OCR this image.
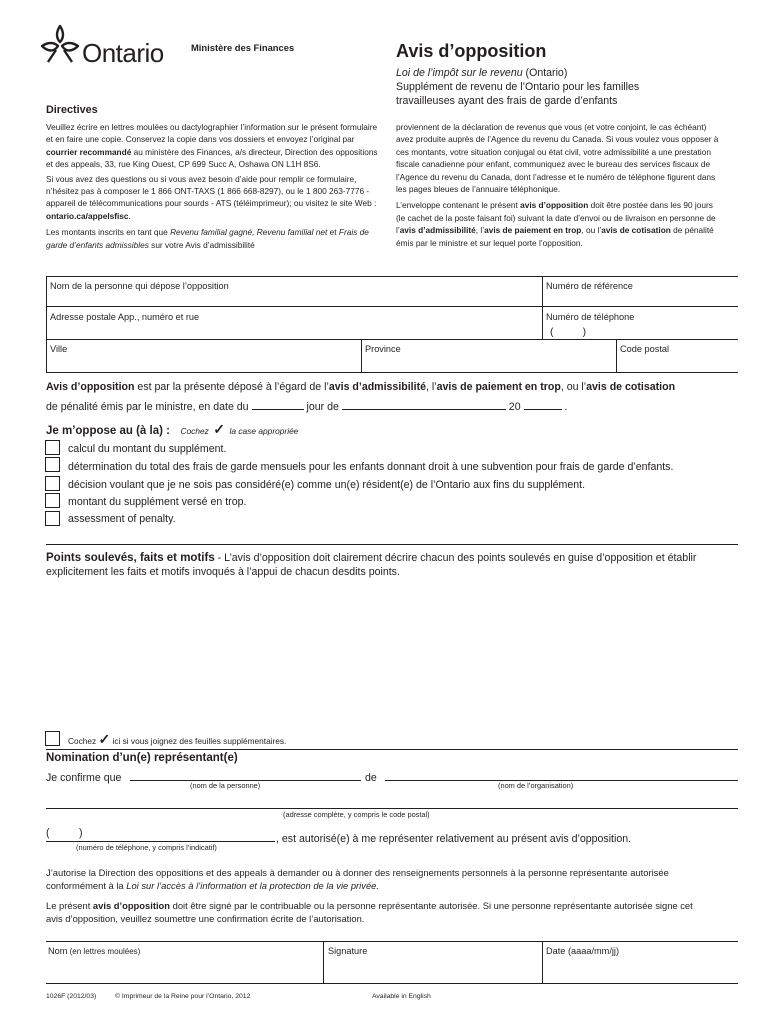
Ontario	Ministère des Finances	Avis d’opposition
Loi de l’impôt sur le revenu (Ontario)
Supplément de revenu de l’Ontario pour les familles
travailleuses ayant des frais de garde d’enfants
Directives

Veuillez écrire en lettres moulées ou dactylographier l’information sur le présent formulaire et en faire une copie. Conservez la copie dans vos dossiers et envoyez l’original par courrier recommandé au ministère des Finances, a/s directeur, Direction des oppositions et des appeals, 33, rue King Ouest, CP 699 Succ A, Oshawa ON L1H 8S6.

Si vous avez des questions ou si vous avez besoin d’aide pour remplir ce formulaire, n’hésitez pas à composer le 1 866 ONT-TAXS (1 866 668-8297), ou le 1 800 263-7776 - appareil de télécommunications pour sourds - ATS (téléimprimeur); ou visitez le site Web : ontario.ca/appelsfisc.

Les montants inscrits en tant que Revenu familial gagné, Revenu familial net et Frais de garde d’enfants admissibles sur votre Avis d’admissibilité

proviennent de la déclaration de revenus que vous (et votre conjoint, le cas échéant) avez produite auprès de l’Agence du revenu du Canada. Si vous voulez vous opposer à ces montants, votre situation conjugal ou état civil, votre admissibilité a une prestation fiscale canadienne pour enfant, communiquez avec le bureau des services fiscaux de l’Agence du revenu du Canada, dont l’adresse et le numéro de téléphone figurent dans les pages bleues de l’annuaire téléphonique.

L’enveloppe contenant le présent avis d’opposition doit être postée dans les 90 jours (le cachet de la poste faisant foi) suivant la date d’envoi ou de livraison en personne de l’avis d’admissibilité, l’avis de paiement en trop, ou l’avis de cotisation de pénalité émis par le ministre et sur lequel porte l’opposition.

Nom de la personne qui dépose l’opposition	Numéro de référence
Adresse postale App., numéro et rue	Numéro de téléphone
(          )
Ville	Province	Code postal
Avis d’opposition est par la présente déposé à l’égard de l’avis d’admissibilité, l’avis de paiement en trop, ou l’avis de cotisation
de pénalité émis par le ministre, en date du	jour de	20	.
Je m’oppose au (à la) : Cochez ✓ la case appropriée
calcul du montant du supplément.
détermination du total des frais de garde mensuels pour les enfants donnant droit à une subvention pour frais de garde d’enfants.
décision voulant que je ne sois pas considéré(e) comme un(e) résident(e) de l’Ontario aux fins du supplément.
montant du supplément versé en trop.
assessment of penalty.
Points soulevés, faits et motifs - L’avis d’opposition doit clairement décrire chacun des points soulevés en guise d’opposition et établir explicitement les faits et motifs invoqués à l’appui de chacun desdits points.
Cochez ✓ ici si vous joignez des feuilles supplémentaires.
Nomination d’un(e) représentant(e)
Je confirme que	de
(nom de la personne)	(nom de l’organisation)
(adresse complète, y compris le code postal)
(          )	, est autorisé(e) à me représenter relativement au présent avis d’opposition.
(numéro de téléphone, y compris l’indicatif)
J’autorise la Direction des oppositions et des appeals à demander ou à donner des renseignements personnels à la personne représentante autorisée conformément à la Loi sur l’accès à l’information et la protection de la vie privée.
Le présent avis d’opposition doit être signé par le contribuable ou la personne représentante autorisée. Si une personne représentante autorisée signe cet avis d’opposition, veuillez soumettre une confirmation écrite de l’autorisation.
Nom (en lettres moulées)	Signature	Date (aaaa/mm/jj)
1026F (2012/03)	© Imprimeur de la Reine pour l’Ontario, 2012	Available in English
